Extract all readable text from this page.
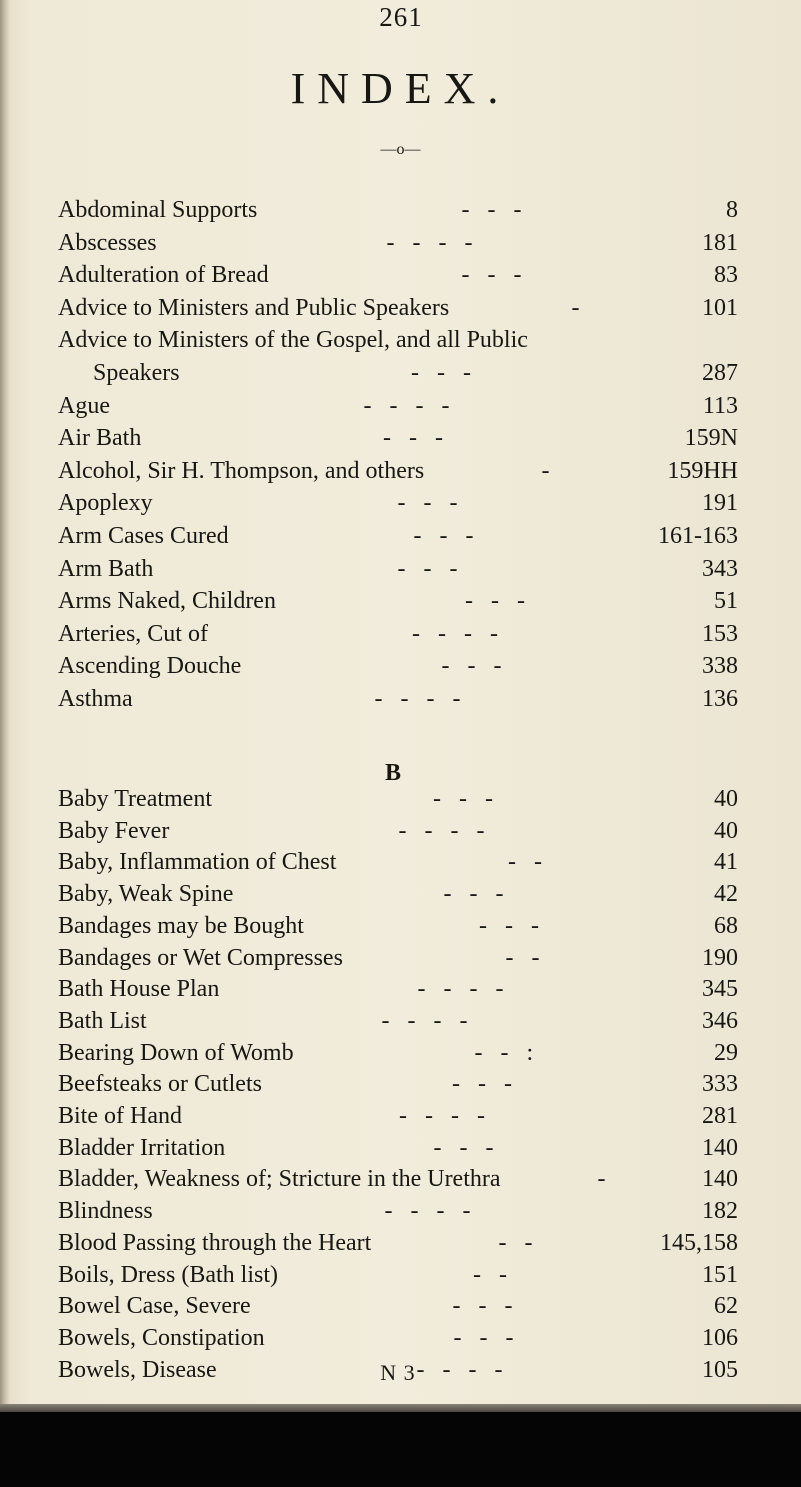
261
INDEX.
—o—
Abdominal Supports	-   -   -	8
Abscesses	-   -   -   -	181
Adulteration of Bread	-   -   -	83
Advice to Ministers and Public Speakers	-	101
Advice to Ministers of the Gospel, and all Public
Speakers	-   -   -	287
Ague	-   -   -   -	113
Air Bath	-   -   -	159N
Alcohol, Sir H. Thompson, and others	-	159HH
Apoplexy	-   -   -	191
Arm Cases Cured	-   -   -	161-163
Arm Bath	-   -   -	343
Arms Naked, Children	-   -   -	51
Arteries, Cut of	-   -   -   -	153
Ascending Douche	-   -   -	338
Asthma	-   -   -   -	136
B
Baby Treatment	-   -   -	40
Baby Fever	-   -   -   -	40
Baby, Inflammation of Chest	-   -	41
Baby, Weak Spine	-   -   -	42
Bandages may be Bought	-   -   -	68
Bandages or Wet Compresses	-   -	190
Bath House Plan	-   -   -   -	345
Bath List	-   -   -   -	346
Bearing Down of Womb	-   -   :	29
Beefsteaks or Cutlets	-   -   -	333
Bite of Hand	-   -   -   -	281
Bladder Irritation	-   -   -	140
Bladder, Weakness of; Stricture in the Urethra	-	140
Blindness	-   -   -   -	182
Blood Passing through the Heart	-   -	145,158
Boils, Dress (Bath list)	-   -	151
Bowel Case, Severe	-   -   -	62
Bowels, Constipation	-   -   -	106
Bowels, Disease	-   -   -   -	105
N 3
